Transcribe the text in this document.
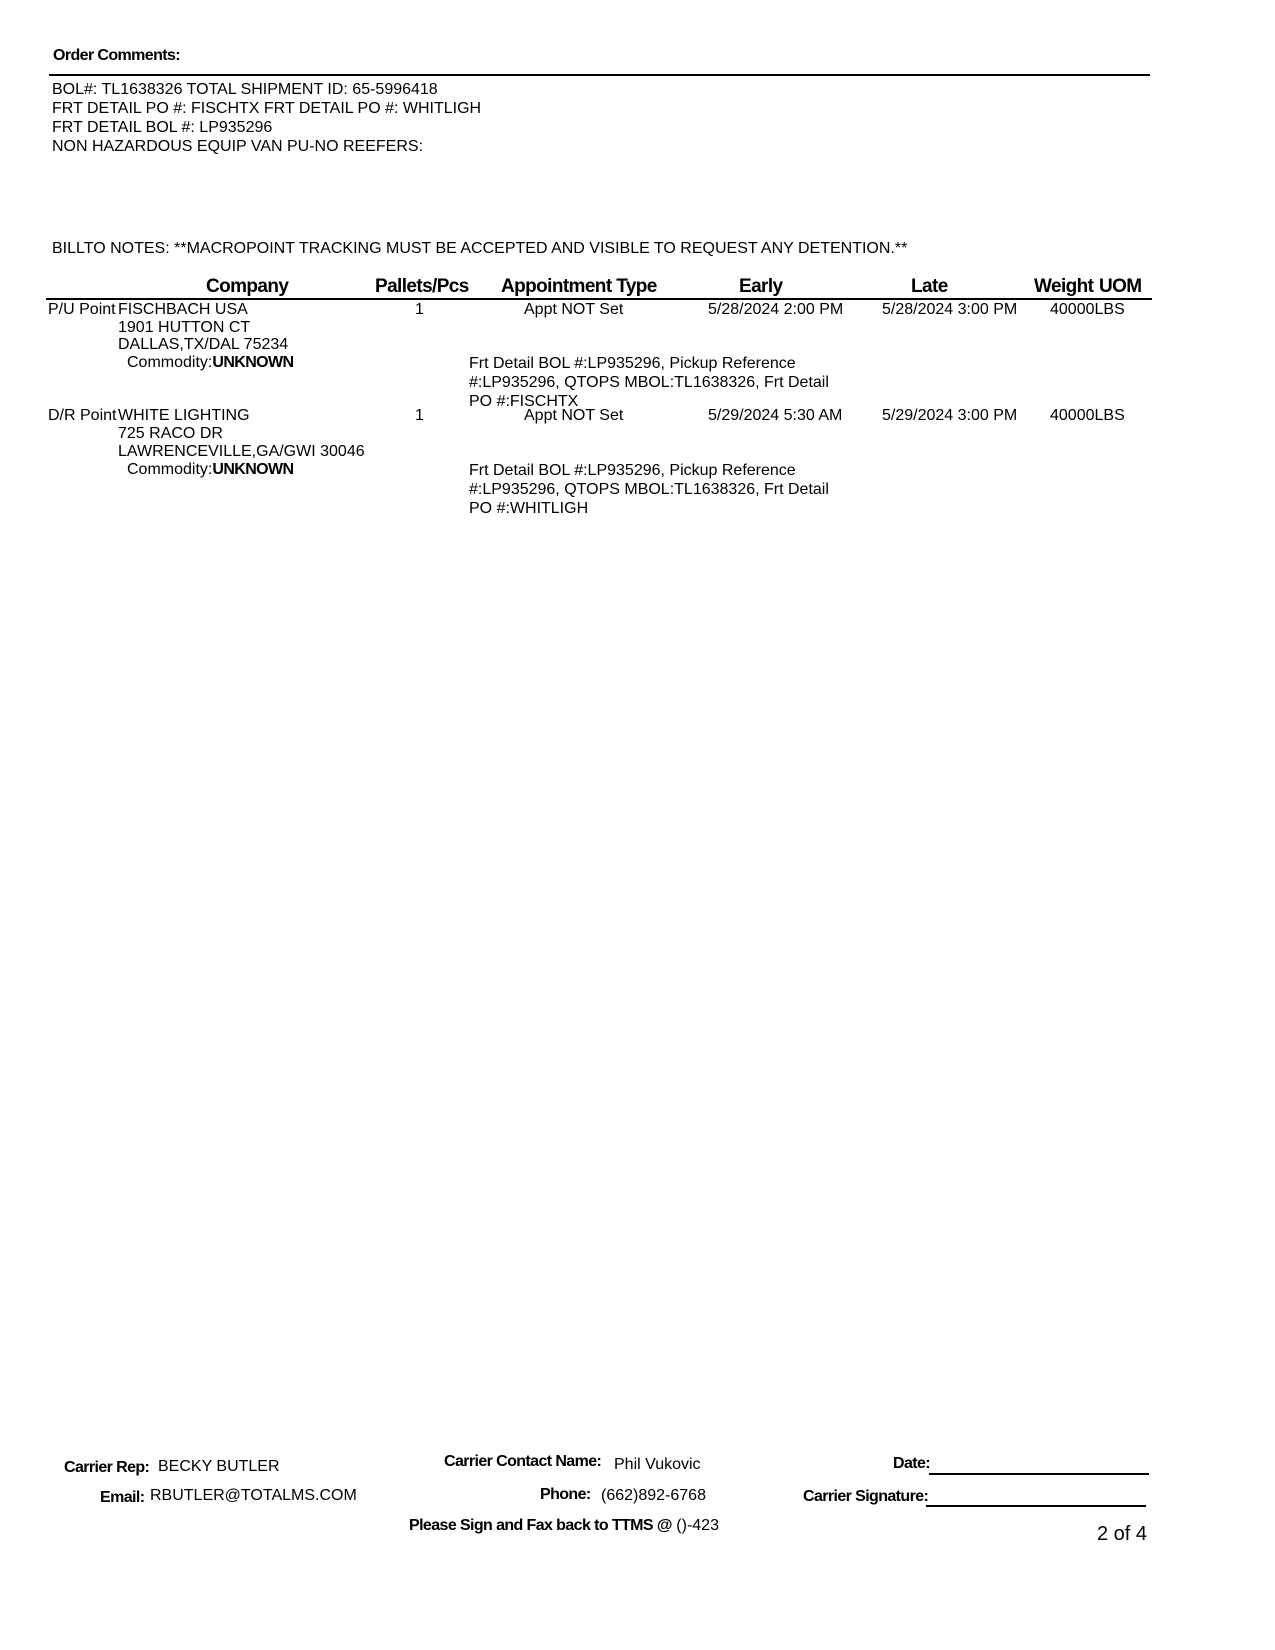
Order Comments:
BOL#: TL1638326 TOTAL SHIPMENT ID: 65-5996418
FRT DETAIL PO #: FISCHTX FRT DETAIL PO #: WHITLIGH
FRT DETAIL BOL #: LP935296
NON HAZARDOUS EQUIP VAN PU-NO REEFERS:
BILLTO NOTES: **MACROPOINT TRACKING MUST BE ACCEPTED AND VISIBLE TO REQUEST ANY DETENTION.**
Company	Pallets/Pcs Appointment Type	Early	Late	Weight UOM
P/U Point FISCHBACH USA
1901 HUTTON CT
DALLAS,TX/DAL 75234
Commodity:UNKNOWN
1	Appt NOT Set	5/28/2024 2:00 PM 5/28/2024 3:00 PM 40000LBS
Frt Detail BOL #:LP935296, Pickup Reference #:LP935296, QTOPS MBOL:TL1638326, Frt Detail PO #:FISCHTX
D/R Point WHITE LIGHTING
725 RACO DR
LAWRENCEVILLE,GA/GWI 30046
Commodity:UNKNOWN
1	Appt NOT Set	5/29/2024 5:30 AM 5/29/2024 3:00 PM 40000LBS
Frt Detail BOL #:LP935296, Pickup Reference #:LP935296, QTOPS MBOL:TL1638326, Frt Detail PO #:WHITLIGH
Carrier Rep: BECKY BUTLER
Email: RBUTLER@TOTALMS.COM
Carrier Contact Name: Phil Vukovic
Phone: (662)892-6768
Date:
Carrier Signature:
Please Sign and Fax back to TTMS @ ()-423	2 of 4
